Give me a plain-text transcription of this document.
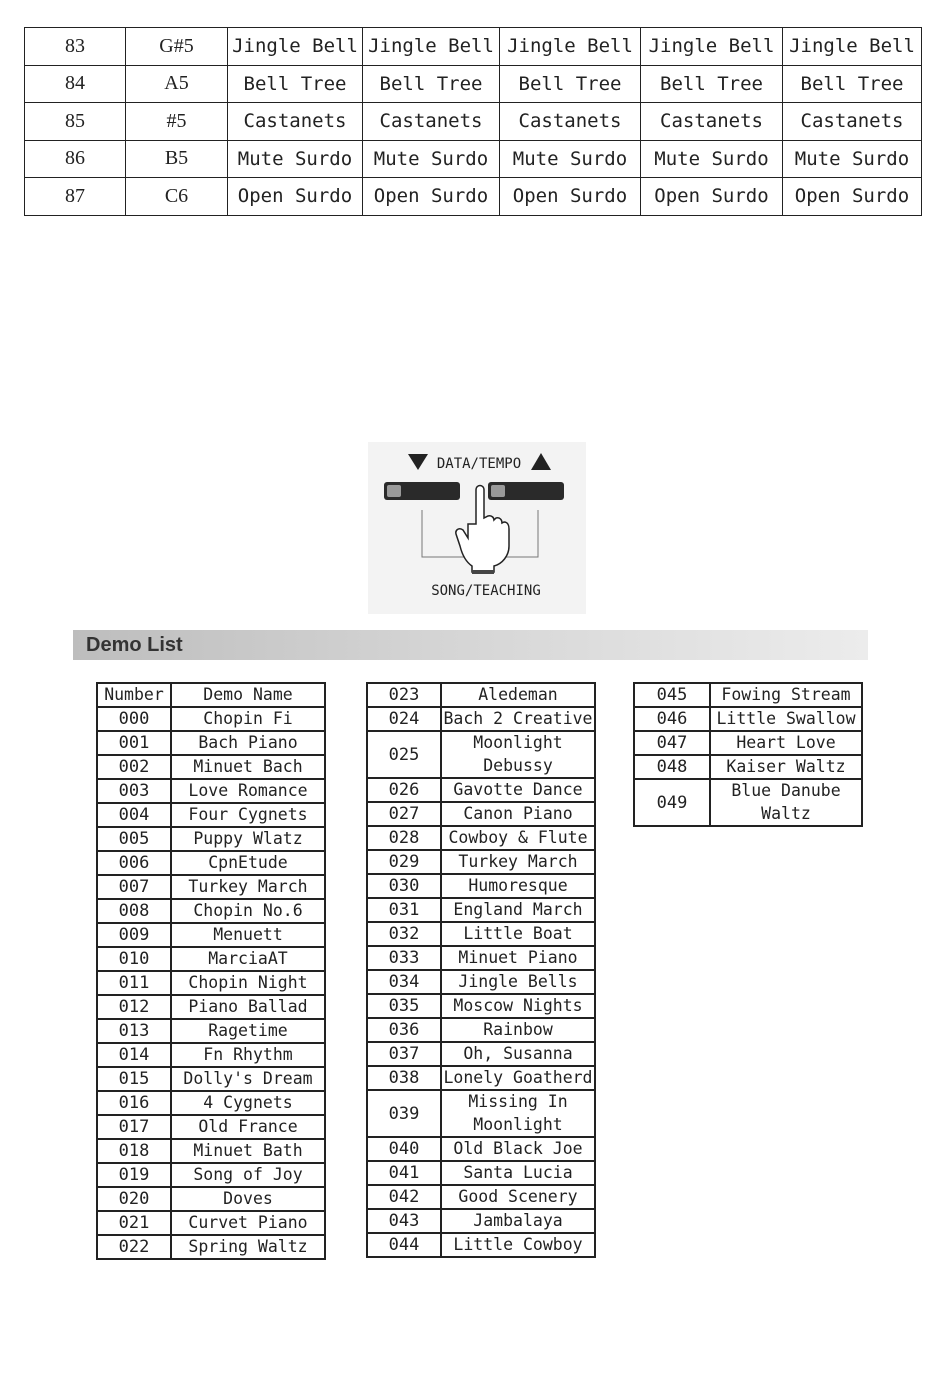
83	G#5	Jingle Bell	Jingle Bell	Jingle Bell	Jingle Bell	Jingle Bell
84	A5	Bell Tree	Bell Tree	Bell Tree	Bell Tree	Bell Tree
85	#5	Castanets	Castanets	Castanets	Castanets	Castanets
86	B5	Mute Surdo	Mute Surdo	Mute Surdo	Mute Surdo	Mute Surdo
87	C6	Open Surdo	Open Surdo	Open Surdo	Open Surdo	Open Surdo
DATA/TEMPO
SONG/TEACHING
Demo List
Number	Demo Name
000	Chopin Fi
001	Bach Piano
002	Minuet Bach
003	Love Romance
004	Four Cygnets
005	Puppy Wlatz
006	CpnEtude
007	Turkey March
008	Chopin No.6
009	Menuett
010	MarciaAT
011	Chopin Night
012	Piano Ballad
013	Ragetime
014	Fn Rhythm
015	Dolly's Dream
016	4 Cygnets
017	Old France
018	Minuet Bath
019	Song of Joy
020	Doves
021	Curvet Piano
022	Spring Waltz
023	Aledeman
024	Bach 2 Creative
025	Moonlight Debussy
026	Gavotte Dance
027	Canon Piano
028	Cowboy & Flute
029	Turkey March
030	Humoresque
031	England March
032	Little Boat
033	Minuet Piano
034	Jingle Bells
035	Moscow Nights
036	Rainbow
037	Oh, Susanna
038	Lonely Goatherd
039	Missing In Moonlight
040	Old Black Joe
041	Santa Lucia
042	Good Scenery
043	Jambalaya
044	Little Cowboy
045	Fowing Stream
046	Little Swallow
047	Heart Love
048	Kaiser Waltz
049	Blue Danube Waltz
